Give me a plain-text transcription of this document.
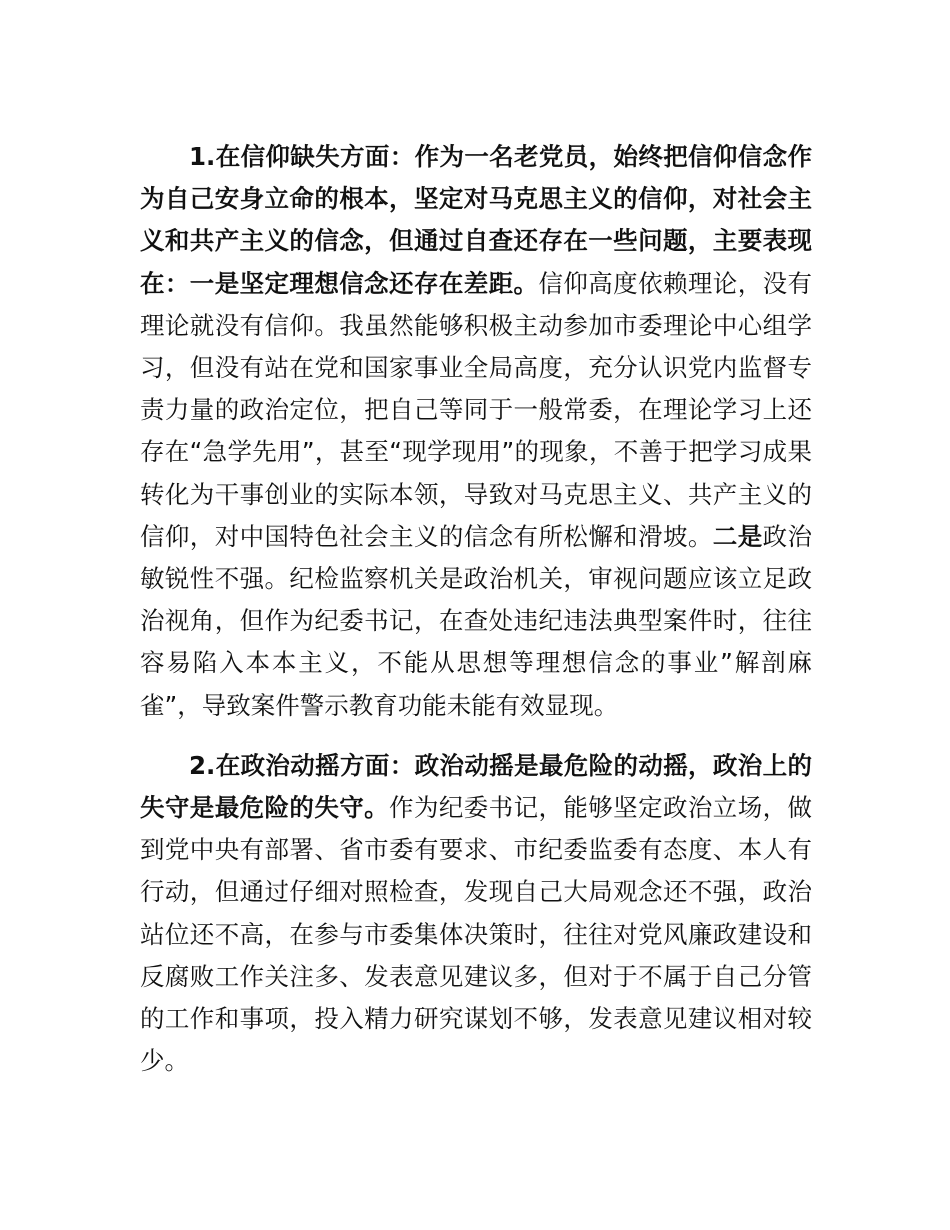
1.在信仰缺失方面：作为一名老党员，始终把信仰信念作为自己安身立命的根本，坚定对马克思主义的信仰，对社会主义和共产主义的信念，但通过自查还存在一些问题，主要表现在：一是坚定理想信念还存在差距。信仰高度依赖理论，没有理论就没有信仰。我虽然能够积极主动参加市委理论中心组学习，但没有站在党和国家事业全局高度，充分认识党内监督专责力量的政治定位，把自己等同于一般常委，在理论学习上还存在“急学先用”，甚至“现学现用”的现象，不善于把学习成果转化为干事创业的实际本领，导致对马克思主义、共产主义的信仰，对中国特色社会主义的信念有所松懈和滑坡。二是政治敏锐性不强。纪检监察机关是政治机关，审视问题应该立足政治视角，但作为纪委书记，在查处违纪违法典型案件时，往往容易陷入本本主义，不能从思想等理想信念的事业”解剖麻雀”，导致案件警示教育功能未能有效显现。

2.在政治动摇方面：政治动摇是最危险的动摇，政治上的失守是最危险的失守。作为纪委书记，能够坚定政治立场，做到党中央有部署、省市委有要求、市纪委监委有态度、本人有行动，但通过仔细对照检查，发现自己大局观念还不强，政治站位还不高，在参与市委集体决策时，往往对党风廉政建设和反腐败工作关注多、发表意见建议多，但对于不属于自己分管的工作和事项，投入精力研究谋划不够，发表意见建议相对较少。
